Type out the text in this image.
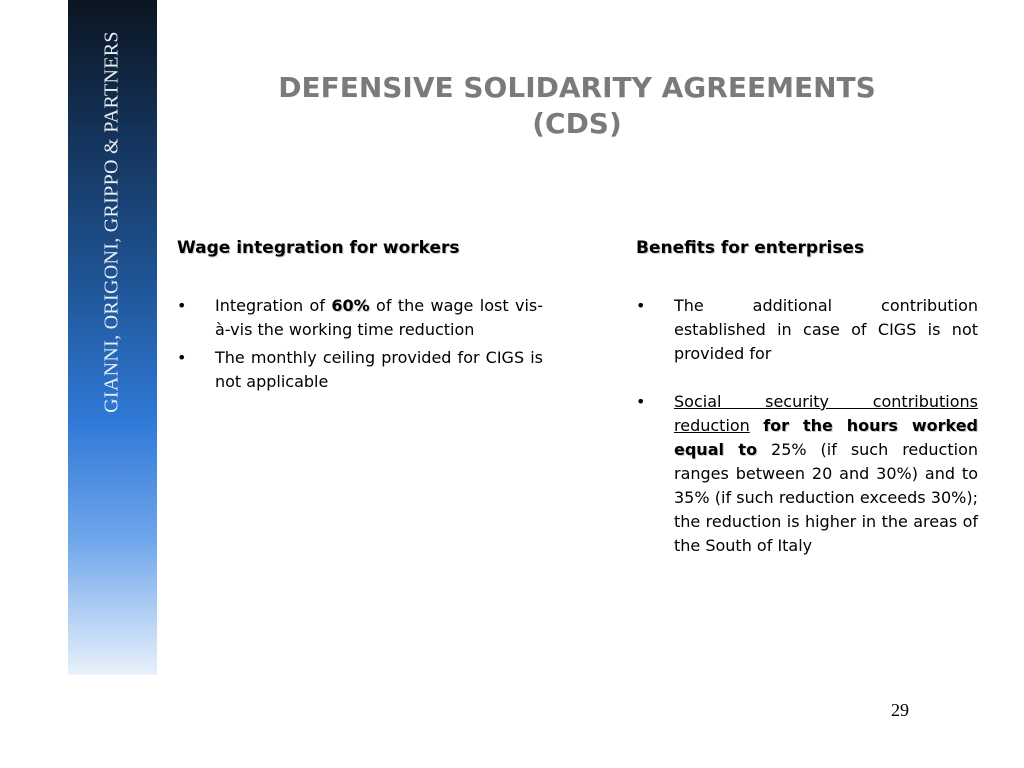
GIANNI, ORIGONI, GRIPPO & PARTNERS	DEFENSIVE SOLIDARITY AGREEMENTS
(CDS)
Wage integration for workers
• Integration of 60% of the wage lost vis-à-vis the working time reduction
• The monthly ceiling provided for CIGS is not applicable
Benefits for enterprises
• The additional contribution established in case of CIGS is not provided for
• Social security contributions reduction for the hours worked equal to 25% (if such reduction ranges between 20 and 30%) and to 35% (if such reduction exceeds 30%); the reduction is higher in the areas of the South of Italy
29
